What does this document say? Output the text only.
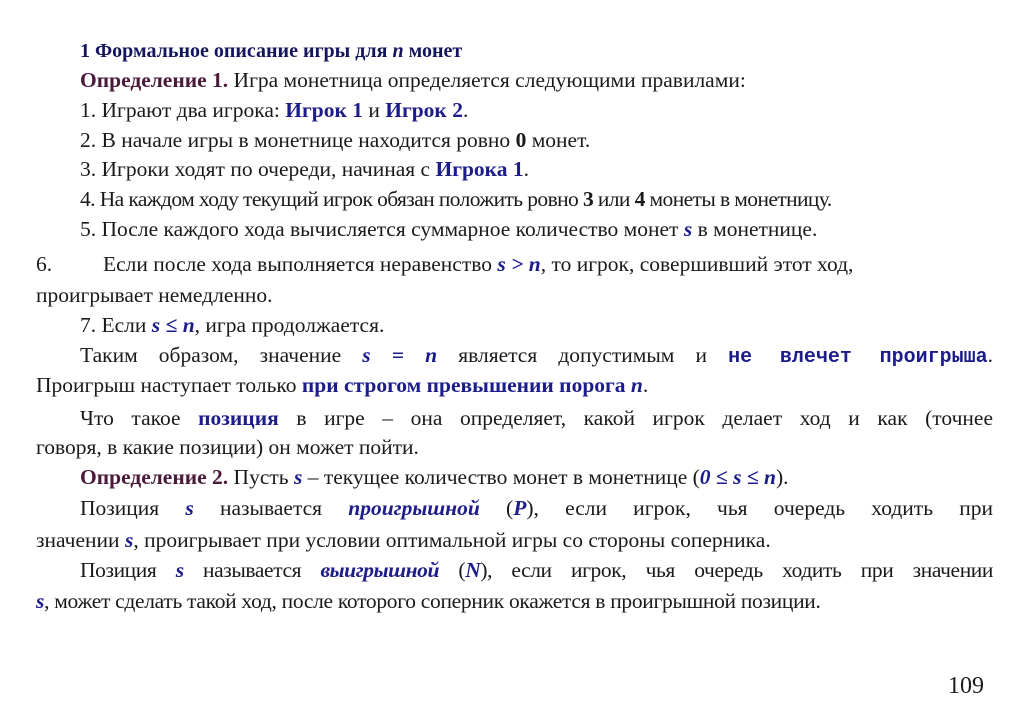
1 Формальное описание игры для n монет
Определение 1. Игра монетница определяется следующими правилами:
1. Играют два игрока: Игрок 1 и Игрок 2.
2. В начале игры в монетнице находится ровно 0 монет.
3. Игроки ходят по очереди, начиная с Игрока 1.
4. На каждом ходу текущий игрок обязан положить ровно 3 или 4 монеты в монетницу.
5. После каждого хода вычисляется суммарное количество монет s в монетнице.
6. Если после хода выполняется неравенство s > n, то игрок, совершивший этот ход,
проигрывает немедленно.
7. Если s ≤ n, игра продолжается.
Таким образом, значение s = n является допустимым и не влечет проигрыша.
Проигрыш наступает только при строгом превышении порога n.
Что такое позиция в игре – она определяет, какой игрок делает ход и как (точнее
говоря, в какие позиции) он может пойти.
Определение 2. Пусть s – текущее количество монет в монетнице (0 ≤ s ≤ n).
Позиция s называется проигрышной (P), если игрок, чья очередь ходить при
значении s, проигрывает при условии оптимальной игры со стороны соперника.
Позиция s называется выигрышной (N), если игрок, чья очередь ходить при значении
s, может сделать такой ход, после которого соперник окажется в проигрышной позиции.
109
